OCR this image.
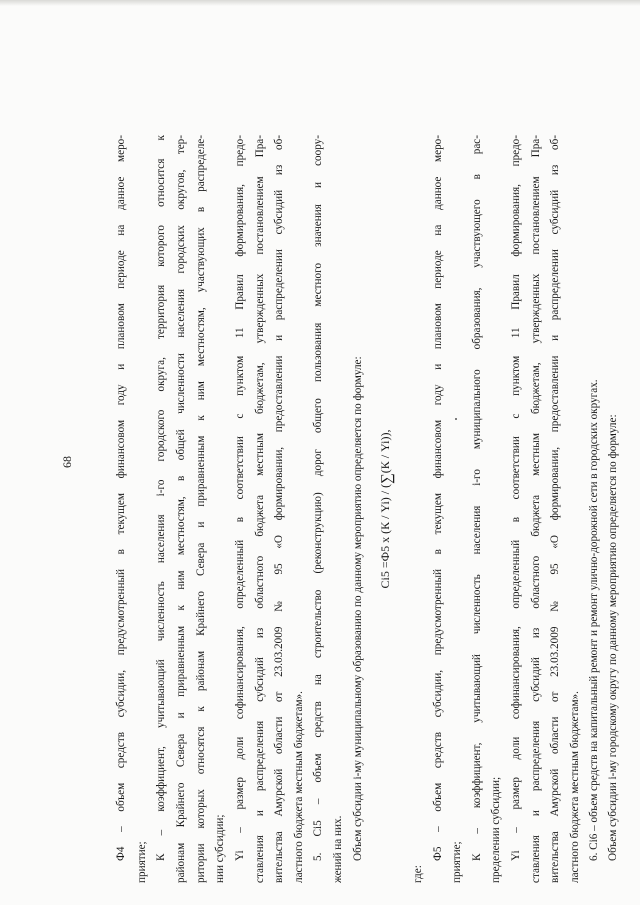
68	Ф4 – объем средств субсидии, предусмотренный в текущем финансовом году и плановом периоде на данное меро-
приятие;
К – коэффициент, учитывающий численность населения i-го городского округа, территория которого относится к районам Крайнего Севера и приравненным к ним местностям, в общей численности населения городских округов, тер- ритории которых относятся к районам Крайнего Севера и приравненным к ним местностям, участвующих в распределе- нии субсидии; Yi – размер доли софинансирования, определенный в соответствии с пунктом 11 Правил формирования, предо- ставления и распределения субсидий из областного бюджета местным бюджетам, утвержденных постановлением Пра- вительства Амурской области от 23.03.2009 № 95 «О формировании, предоставлении и распределении субсидий из об- ластного бюджета местным бюджетам». 5. Ci5 – объем средств на строительство (реконструкцию) дорог общего пользования местного значения и соору- жений на них. Объем субсидии i-му муниципальному образованию по данному мероприятию определяется по формуле: Ci5 =Ф5 x (К / Yi) / (∑(К / Yi)),
где:
Ф5 – объем средств субсидии, предусмотренный в текущем финансовом году и плановом периоде на данное меро-
приятие;
К – коэффициент, учитывающий численность населения i-го муниципального образования, участвующего в рас- пределении субсидии; Yi – размер доли софинансирования, определенный в соответствии с пунктом 11 Правил формирования, предо- ставления и распределения субсидий из областного бюджета местным бюджетам, утвержденных постановлением Пра- вительства Амурской области от 23.03.2009 № 95 «О формировании, предоставлении и распределении субсидий из об- ластного бюджета местным бюджетам». 6. Ci6 – объем средств на капитальный ремонт и ремонт улично-дорожной сети в городских округах. Объем субсидии i-му городскому округу по данному мероприятию определяется по формуле:
